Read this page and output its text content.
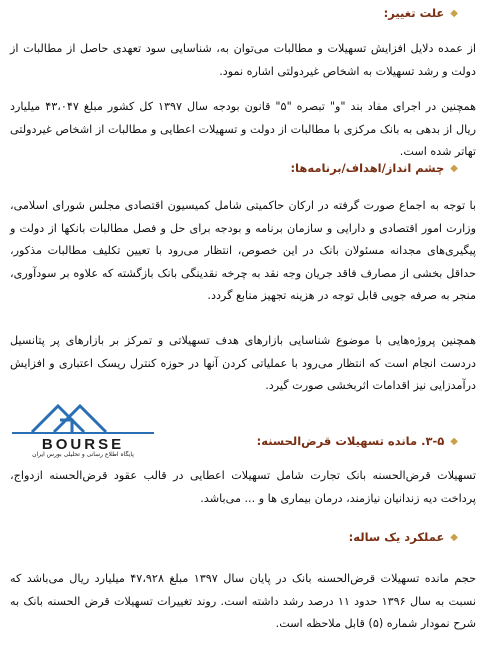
◆
علت تغییر:
از عمده دلایل افزایش تسهیلات و مطالبات می‌توان به، شناسایی سود تعهدی حاصل از مطالبات از دولت و رشد تسهیلات به اشخاص غیردولتی اشاره نمود.
همچنین در اجرای مفاد بند "و" تبصره "۵" قانون بودجه سال ۱۳۹۷ کل کشور مبلغ ۴۳،۰۴۷ میلیارد ریال از بدهی به بانک مرکزی با مطالبات از دولت و تسهیلات اعطایی و مطالبات از اشخاص غیردولتی تهاتر شده است.
◆
چشم انداز/اهداف/برنامه‌ها:
با توجه به اجماع صورت گرفته در ارکان حاکمیتی شامل کمیسیون اقتصادی مجلس شورای اسلامی، وزارت امور اقتصادی و دارایی و سازمان برنامه و بودجه برای حل و فصل مطالبات بانکها از دولت و پیگیری‌های مجدانه مسئولان بانک در این خصوص، انتظار می‌رود با تعیین تکلیف مطالبات مذکور، حداقل بخشی از مصارف فاقد جریان وجه نقد به چرخه نقدینگی بانک بازگشته که علاوه بر سودآوری، منجر به صرفه جویی قابل توجه در هزینه تجهیز منابع گردد.
همچنین پروژه‌هایی با موضوع شناسایی بازارهای هدف تسهیلاتی و تمرکز بر بازارهای پر پتانسیل دردست انجام است که انتظار می‌رود با عملیاتی کردن آنها در حوزه کنترل ریسک اعتباری و افزایش درآمدزایی نیز اقدامات اثربخشی صورت گیرد.
BOURSE
پایگاه اطلاع رسانی و تحلیلی بورس ایران
◆
۳-۵. مانده تسهیلات قرض‌الحسنه:
تسهیلات قرض‌الحسنه بانک تجارت شامل تسهیلات اعطایی در قالب عقود قرض‌الحسنه ازدواج، پرداخت دیه زندانیان نیازمند، درمان بیماری ها و ... می‌باشد.
◆
عملکرد یک ساله:
حجم مانده تسهیلات قرض‌الحسنه بانک در پایان سال ۱۳۹۷ مبلغ ۴۷،۹۲۸ میلیارد ریال می‌باشد که نسبت به سال ۱۳۹۶ حدود ۱۱ درصد رشد داشته است. روند تغییرات تسهیلات قرض الحسنه بانک به شرح نمودار شماره (۵) قابل ملاحظه است.
